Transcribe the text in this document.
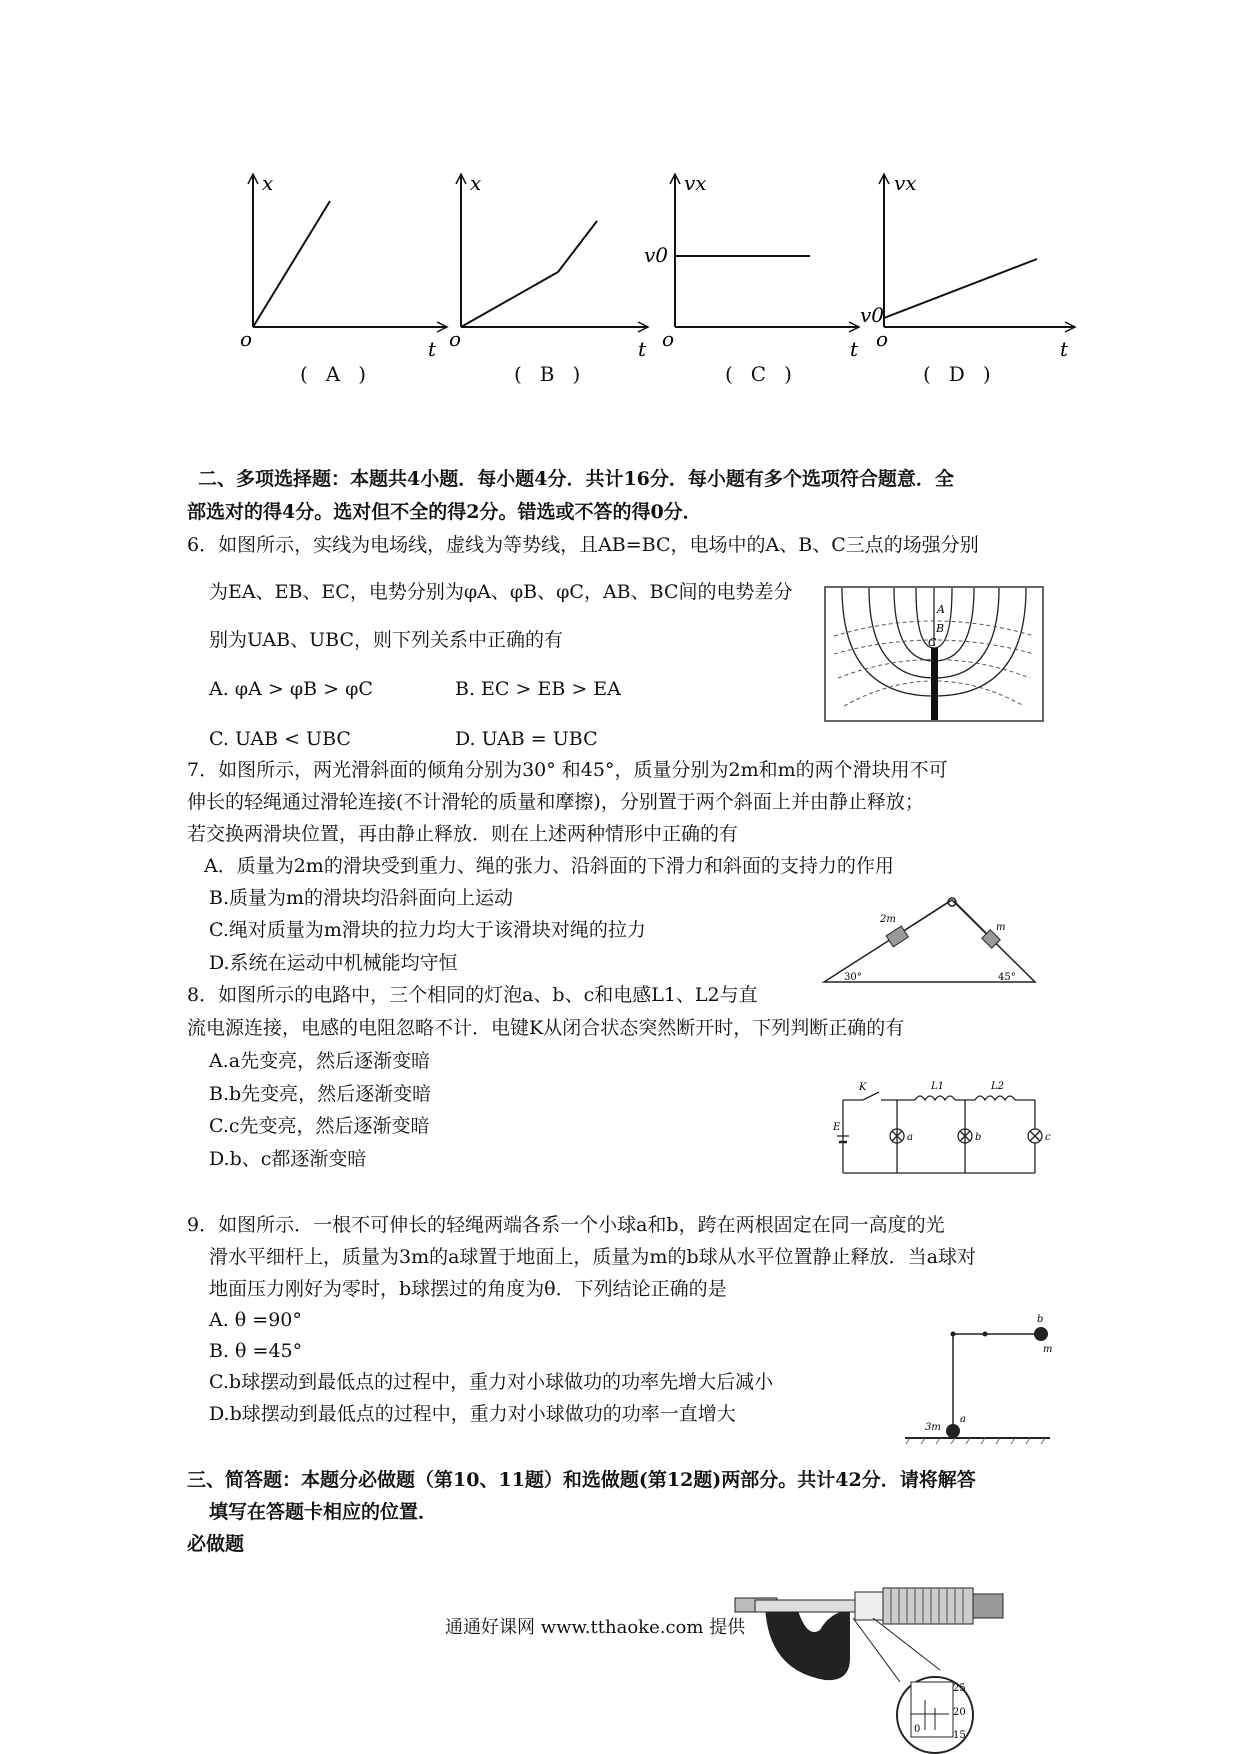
x
o	t
x
o	t
vx
v0
o	t
vx
v0
o	t
(A)	(B)	(C)	(D)
二、多项选择题：本题共4小题．每小题4分．共计16分．每小题有多个选项符合题意．全
部选对的得4分。选对但不全的得2分。错选或不答的得0分．
6．如图所示，实线为电场线，虚线为等势线，且AB=BC，电场中的A、B、C三点的场强分别
为EA、EB、EC，电势分别为φA、φB、φC，AB、BC间的电势差分
别为UAB、UBC，则下列关系中正确的有
A. φA > φB > φC	B. EC > EB > EA
C. UAB < UBC	D. UAB = UBC
A
B
C
7．如图所示，两光滑斜面的倾角分别为30° 和45°，质量分别为2m和m的两个滑块用不可
伸长的轻绳通过滑轮连接(不计滑轮的质量和摩擦)，分别置于两个斜面上并由静止释放；
若交换两滑块位置，再由静止释放．则在上述两种情形中正确的有
A．质量为2m的滑块受到重力、绳的张力、沿斜面的下滑力和斜面的支持力的作用
B.质量为m的滑块均沿斜面向上运动
C.绳对质量为m滑块的拉力均大于该滑块对绳的拉力
D.系统在运动中机械能均守恒
2m
m
30°	45°
8．如图所示的电路中，三个相同的灯泡a、b、c和电感L1、L2与直
流电源连接，电感的电阻忽略不计．电键K从闭合状态突然断开时，下列判断正确的有
A.a先变亮，然后逐渐变暗
B.b先变亮，然后逐渐变暗
C.c先变亮，然后逐渐变暗
D.b、c都逐渐变暗
K	L1	L2
E
a	b	c
9．如图所示．一根不可伸长的轻绳两端各系一个小球a和b，跨在两根固定在同一高度的光
滑水平细杆上，质量为3m的a球置于地面上，质量为m的b球从水平位置静止释放．当a球对
地面压力刚好为零时，b球摆过的角度为θ．下列结论正确的是
A. θ =90°
B. θ =45°
C.b球摆动到最低点的过程中，重力对小球做功的功率先增大后减小
D.b球摆动到最低点的过程中，重力对小球做功的功率一直增大
b
m
a
3m
三、简答题：本题分必做题（第10、11题）和选做题(第12题)两部分。共计42分．请将解答
填写在答题卡相应的位置．
必做题
25
20
15
0
通通好课网 www.tthaoke.com 提供
